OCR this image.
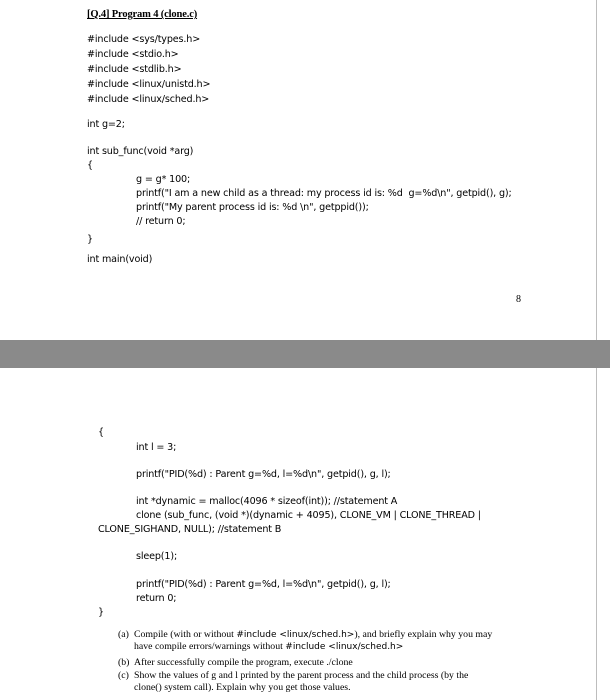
[Q.4] Program 4 (clone.c)
#include <sys/types.h>
#include <stdio.h>
#include <stdlib.h>
#include <linux/unistd.h>
#include <linux/sched.h>
int g=2;
int sub_func(void *arg)
{
g = g* 100;
printf("I am a new child as a thread: my process id is: %d  g=%d\n", getpid(), g);
printf("My parent process id is: %d \n", getppid());
// return 0;
}
int main(void)
8
{
int l = 3;
printf("PID(%d) : Parent g=%d, l=%d\n", getpid(), g, l);
int *dynamic = malloc(4096 * sizeof(int)); //statement A
clone (sub_func, (void *)(dynamic + 4095), CLONE_VM | CLONE_THREAD |
CLONE_SIGHAND, NULL); //statement B
sleep(1);
printf("PID(%d) : Parent g=%d, l=%d\n", getpid(), g, l);
return 0;
}
(a) Compile (with or without #include <linux/sched.h>), and briefly explain why you may
have compile errors/warnings without #include <linux/sched.h>
(b) After successfully compile the program, execute ./clone
(c) Show the values of g and l printed by the parent process and the child process (by the
clone() system call). Explain why you get those values.
